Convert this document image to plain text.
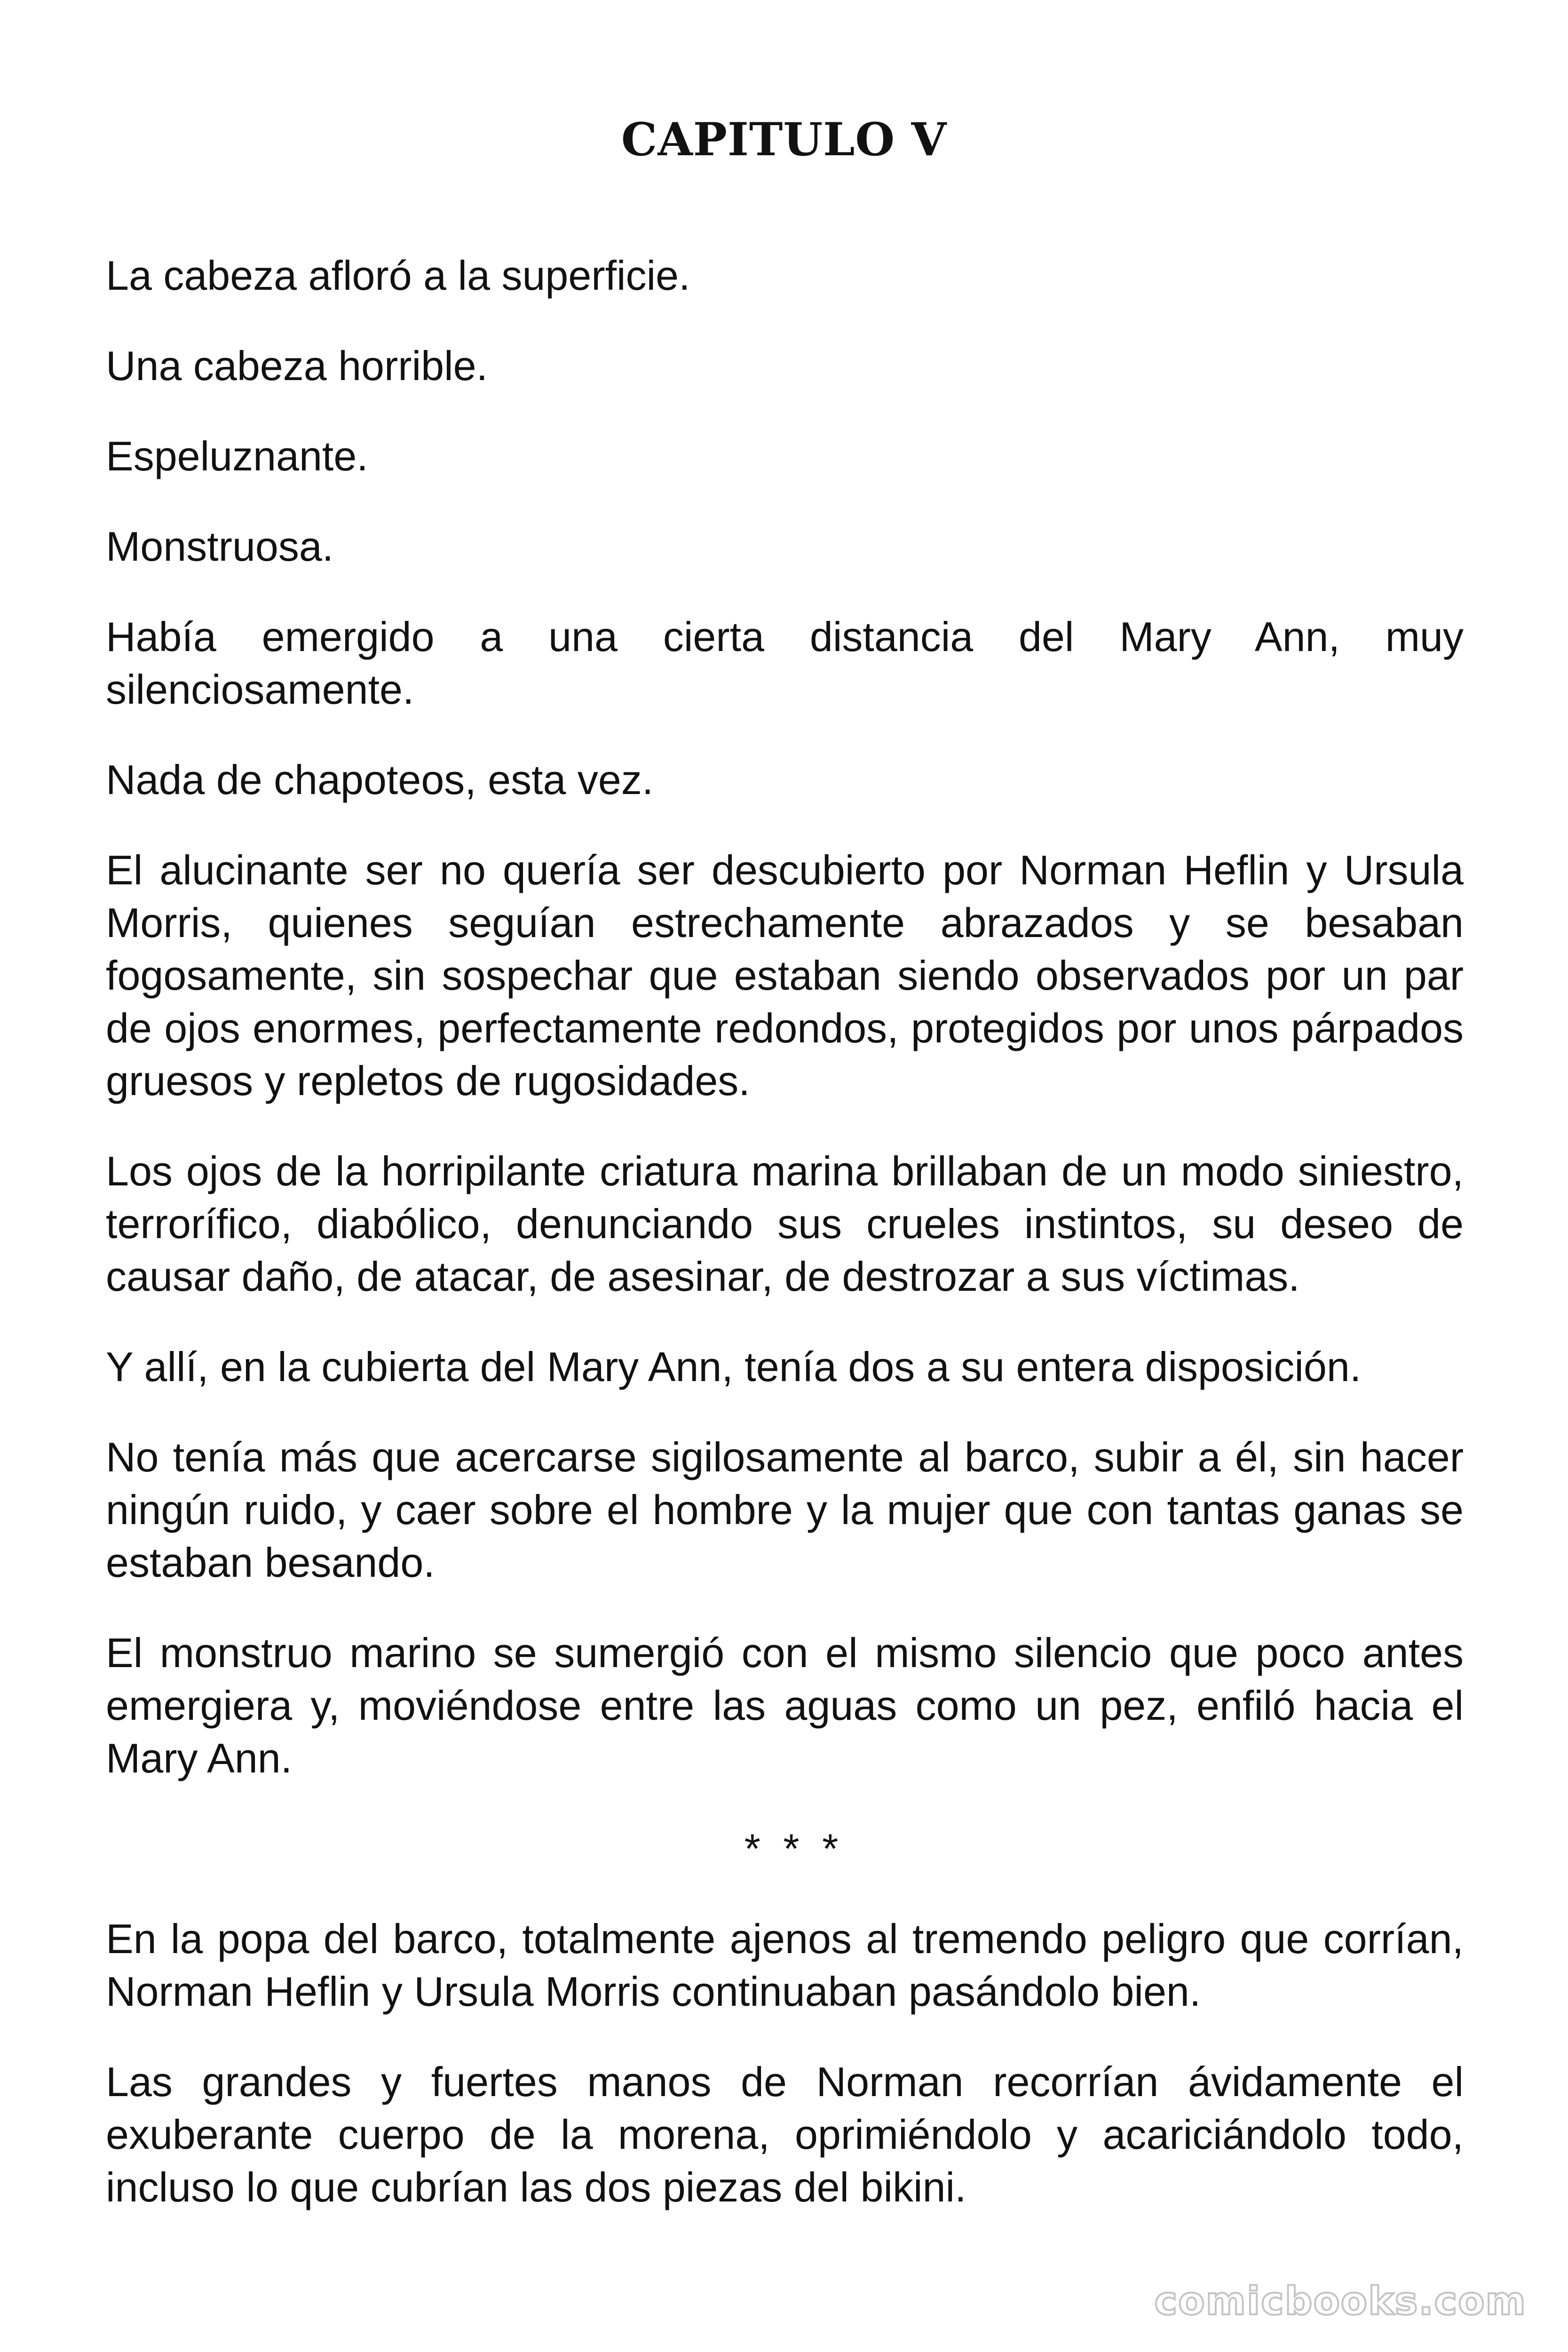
CAPITULO V

La cabeza afloró a la superficie.

Una cabeza horrible.

Espeluznante.

Monstruosa.

Había emergido a una cierta distancia del Mary Ann, muy silenciosamente.

Nada de chapoteos, esta vez.

El alucinante ser no quería ser descubierto por Norman Heflin y Ursula Morris, quienes seguían estrechamente abrazados y se besaban fogosamente, sin sospechar que estaban siendo observados por un par de ojos enormes, perfectamente redondos, protegidos por unos párpados gruesos y repletos de rugosidades.

Los ojos de la horripilante criatura marina brillaban de un modo siniestro, terrorífico, diabólico, denunciando sus crueles instintos, su deseo de causar daño, de atacar, de asesinar, de destrozar a sus víctimas.

Y allí, en la cubierta del Mary Ann, tenía dos a su entera disposición.

No tenía más que acercarse sigilosamente al barco, subir a él, sin hacer ningún ruido, y caer sobre el hombre y la mujer que con tantas ganas se estaban besando.

El monstruo marino se sumergió con el mismo silencio que poco antes emergiera y, moviéndose entre las aguas como un pez, enfiló hacia el Mary Ann.

* * *

En la popa del barco, totalmente ajenos al tremendo peligro que corrían, Norman Heflin y Ursula Morris continuaban pasándolo bien.

Las grandes y fuertes manos de Norman recorrían ávidamente el exuberante cuerpo de la morena, oprimiéndolo y acariciándolo todo, incluso lo que cubrían las dos piezas del bikini.

comicbooks.com
